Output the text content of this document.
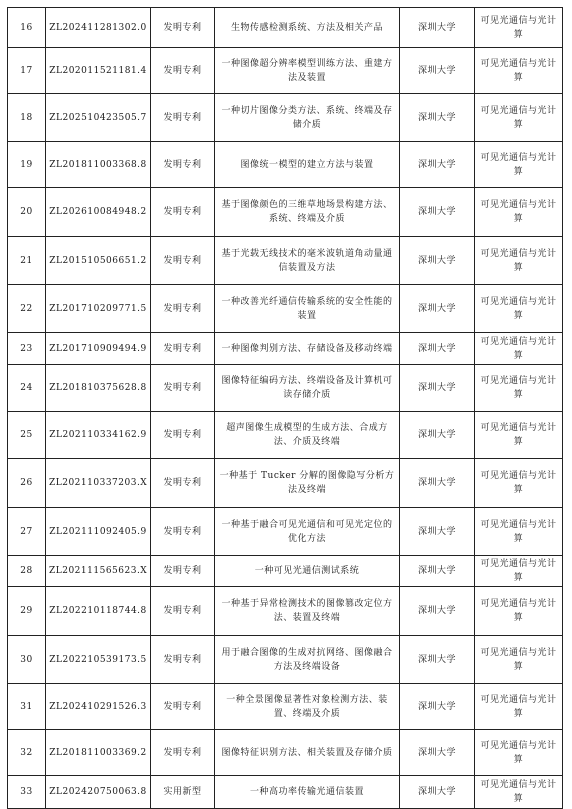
16	ZL202411281302.0	发明专利	生物传感检测系统、方法及相关产品	深圳大学	可见光通信与光计算
17	ZL202011521181.4	发明专利	一种图像超分辨率模型训练方法、重建方法及装置	深圳大学	可见光通信与光计算
18	ZL202510423505.7	发明专利	一种切片图像分类方法、系统、终端及存储介质	深圳大学	可见光通信与光计算
19	ZL201811003368.8	发明专利	图像统一模型的建立方法与装置	深圳大学	可见光通信与光计算
20	ZL202610084948.2	发明专利	基于图像颜色的三维草地场景构建方法、系统、终端及介质	深圳大学	可见光通信与光计算
21	ZL201510506651.2	发明专利	基于光载无线技术的毫米波轨道角动量通信装置及方法	深圳大学	可见光通信与光计算
22	ZL201710209771.5	发明专利	一种改善光纤通信传输系统的安全性能的装置	深圳大学	可见光通信与光计算
23	ZL201710909494.9	发明专利	一种图像判别方法、存储设备及移动终端	深圳大学	可见光通信与光计算
24	ZL201810375628.8	发明专利	图像特征编码方法、终端设备及计算机可读存储介质	深圳大学	可见光通信与光计算
25	ZL202110334162.9	发明专利	超声图像生成模型的生成方法、合成方法、介质及终端	深圳大学	可见光通信与光计算
26	ZL202110337203.X	发明专利	一种基于 Tucker 分解的图像隐写分析方法及终端	深圳大学	可见光通信与光计算
27	ZL202111092405.9	发明专利	一种基于融合可见光通信和可见光定位的优化方法	深圳大学	可见光通信与光计算
28	ZL202111565623.X	发明专利	一种可见光通信测试系统	深圳大学	可见光通信与光计算
29	ZL202210118744.8	发明专利	一种基于异常检测技术的图像篡改定位方法、装置及终端	深圳大学	可见光通信与光计算
30	ZL202210539173.5	发明专利	用于融合图像的生成对抗网络、图像融合方法及终端设备	深圳大学	可见光通信与光计算
31	ZL202410291526.3	发明专利	一种全景图像显著性对象检测方法、装置、终端及介质	深圳大学	可见光通信与光计算
32	ZL201811003369.2	发明专利	图像特征识别方法、相关装置及存储介质	深圳大学	可见光通信与光计算
33	ZL202420750063.8	实用新型	一种高功率传输光通信装置	深圳大学	可见光通信与光计算
